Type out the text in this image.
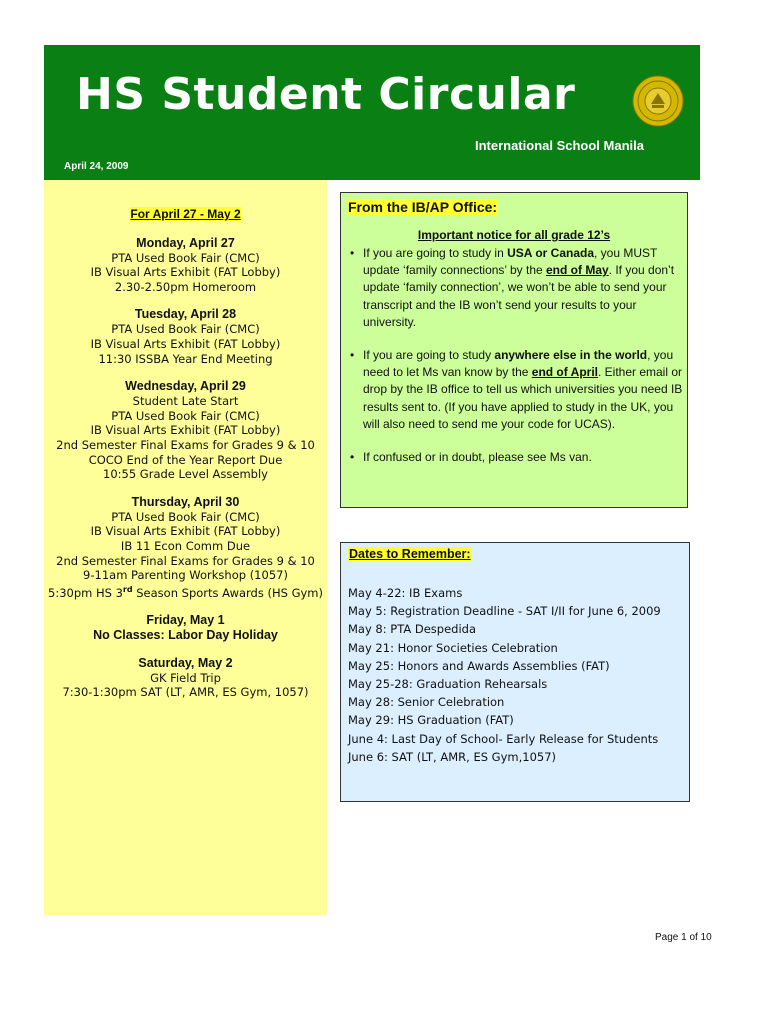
HS Student Circular
International School Manila
April 24, 2009
For April 27 - May 2
Monday, April 27
PTA Used Book Fair (CMC)
IB Visual Arts Exhibit (FAT Lobby)
2.30-2.50pm Homeroom
Tuesday, April 28
PTA Used Book Fair (CMC)
IB Visual Arts Exhibit (FAT Lobby)
11:30 ISSBA Year End Meeting
Wednesday, April 29
Student Late Start
PTA Used Book Fair (CMC)
IB Visual Arts Exhibit (FAT Lobby)
2nd Semester Final Exams for Grades 9 & 10
COCO End of the Year Report Due
10:55 Grade Level Assembly
Thursday, April 30
PTA Used Book Fair (CMC)
IB Visual Arts Exhibit (FAT Lobby)
IB 11 Econ Comm Due
2nd Semester Final Exams for Grades 9 & 10
9-11am Parenting Workshop (1057)
5:30pm HS 3rd Season Sports Awards (HS Gym)
Friday, May 1
No Classes: Labor Day Holiday
Saturday, May 2
GK Field Trip
7:30-1:30pm SAT (LT, AMR, ES Gym, 1057)
From the IB/AP Office:
Important notice for all grade 12’s
• If you are going to study in USA or Canada, you MUST update ‘family connections’ by the end of May. If you don’t update ‘family connection’, we won’t be able to send your transcript and the IB won’t send your results to your university.
• If you are going to study anywhere else in the world, you need to let Ms van know by the end of April. Either email or drop by the IB office to tell us which universities you need IB results sent to. (If you have applied to study in the UK, you will also need to send me your code for UCAS).
• If confused or in doubt, please see Ms van.
Dates to Remember:
May 4-22: IB Exams
May 5: Registration Deadline - SAT I/II for June 6, 2009
May 8: PTA Despedida
May 21: Honor Societies Celebration
May 25: Honors and Awards Assemblies (FAT)
May 25-28: Graduation Rehearsals
May 28: Senior Celebration
May 29: HS Graduation (FAT)
June 4: Last Day of School- Early Release for Students
June 6: SAT (LT, AMR, ES Gym,1057)
Page 1 of 10
